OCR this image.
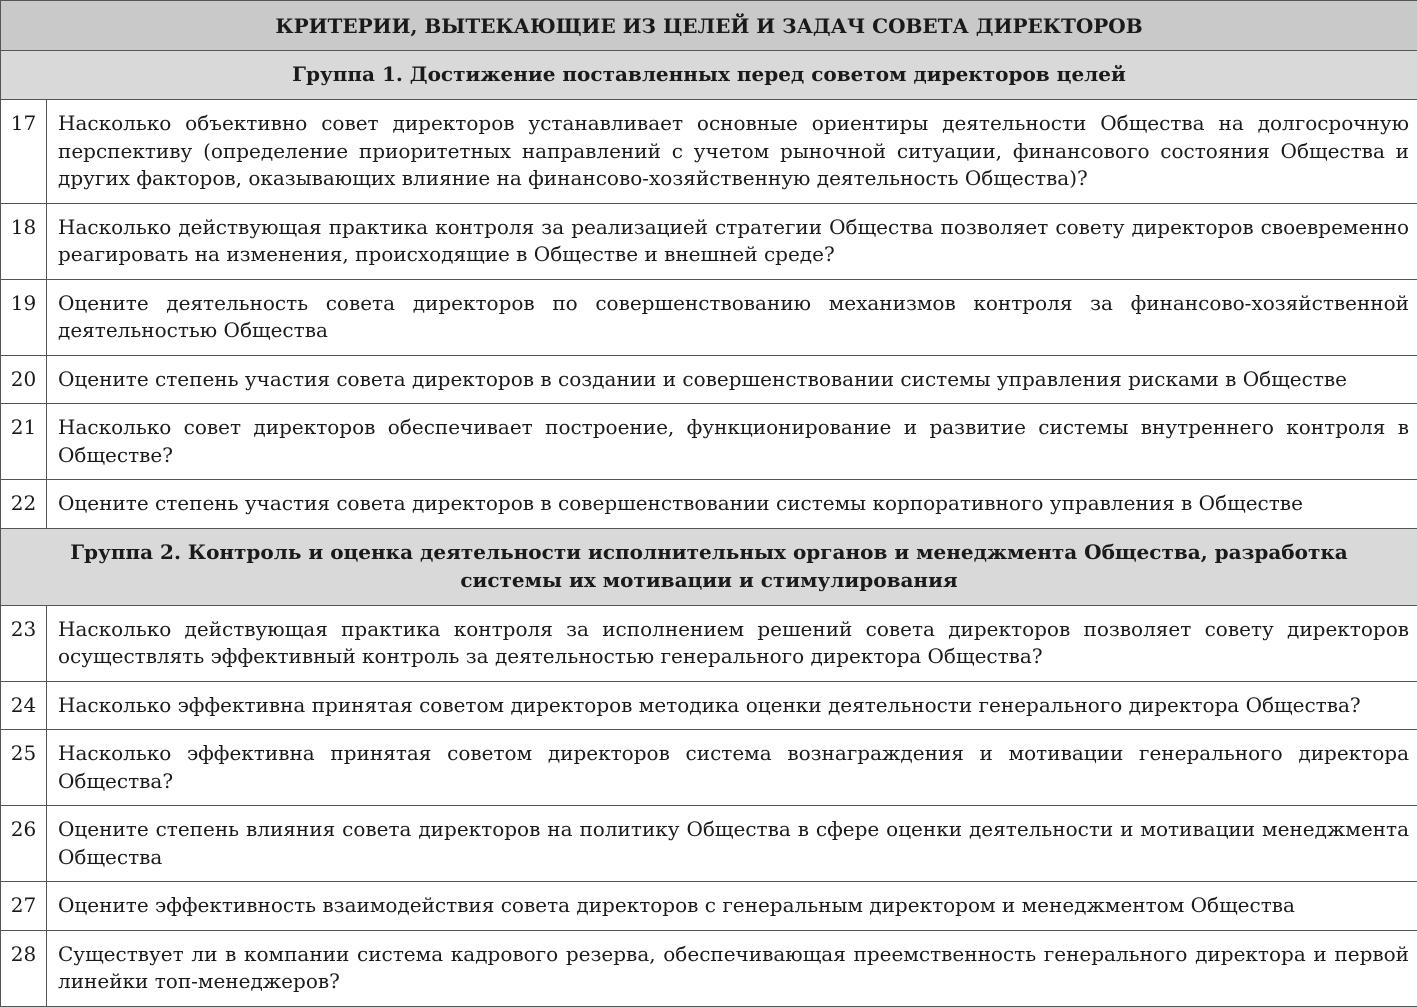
КРИТЕРИИ, ВЫТЕКАЮЩИЕ ИЗ ЦЕЛЕЙ И ЗАДАЧ СОВЕТА ДИРЕКТОРОВ	
Группа 1. Достижение поставленных перед советом директоров целей	
17	Насколько объективно совет директоров устанавливает основные ориентиры деятельности Общества на долгосрочную перспективу (определение приоритетных направлений с учетом рыночной ситуации, финансового состояния Общества и других факторов, оказывающих влияние на финансово-хозяйственную деятельность Общества)?
18	Насколько действующая практика контроля за реализацией стратегии Общества позволяет совету директоров своевременно реагировать на изменения, происходящие в Обществе и внешней среде?
19	Оцените деятельность совета директоров по совершенствованию механизмов контроля за финансово-хозяйственной деятельностью Общества
20	Оцените степень участия совета директоров в создании и совершенствовании системы управления рисками в Обществе
21	Насколько совет директоров обеспечивает построение, функционирование и развитие системы внутреннего контроля в Обществе?
22	Оцените степень участия совета директоров в совершенствовании системы корпоративного управления в Обществе
Группа 2. Контроль и оценка деятельности исполнительных органов и менеджмента Общества, разработка системы их мотивации и стимулирования	
23	Насколько действующая практика контроля за исполнением решений совета директоров позволяет совету директоров осуществлять эффективный контроль за деятельностью генерального директора Общества?
24	Насколько эффективна принятая советом директоров методика оценки деятельности генерального директора Общества?
25	Насколько эффективна принятая советом директоров система вознаграждения и мотивации генерального директора Общества?
26	Оцените степень влияния совета директоров на политику Общества в сфере оценки деятельности и мотивации менеджмента Общества
27	Оцените эффективность взаимодействия совета директоров с генеральным директором и менеджментом Общества
28	Существует ли в компании система кадрового резерва, обеспечивающая преемственность генерального директора и первой линейки топ-менеджеров?
